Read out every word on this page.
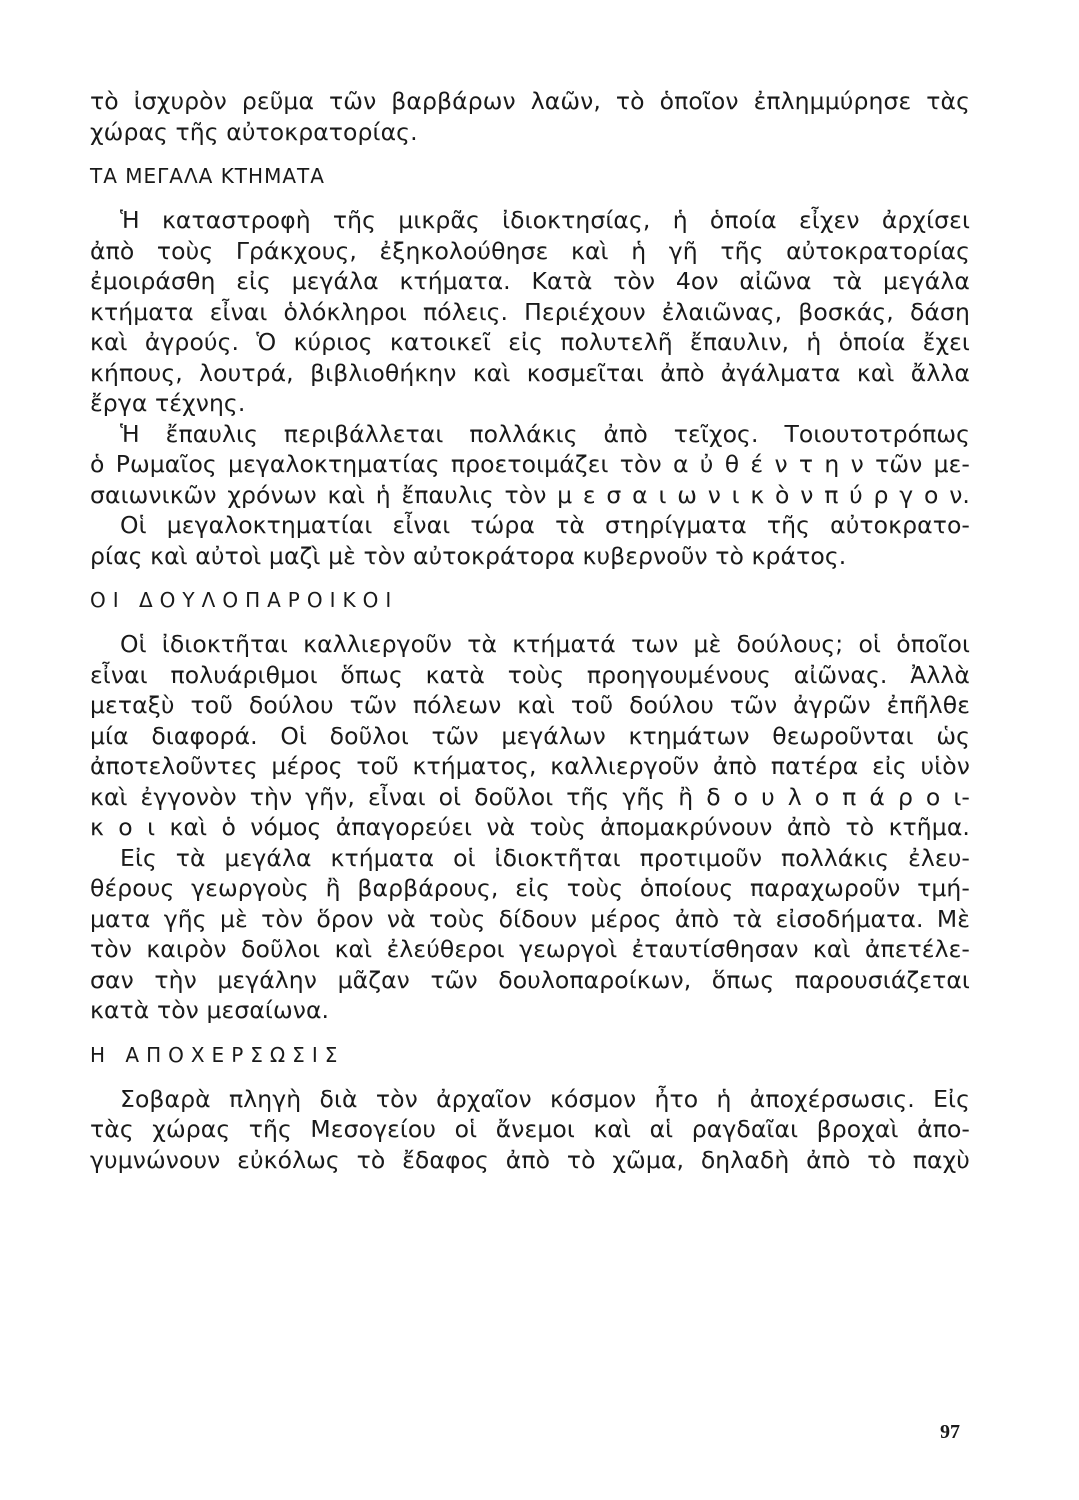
τὸ ἰσχυρὸν ρεῦμα τῶν βαρβάρων λαῶν, τὸ ὁποῖον ἐπλημμύρησε τὰς
χώρας τῆς αὐτοκρατορίας.
ΤΑ ΜΕΓΑΛΑ ΚΤΗΜΑΤΑ
Ἡ καταστροφὴ τῆς μικρᾶς ἰδιοκτησίας, ἡ ὁποία εἶχεν ἀρχίσει
ἀπὸ τοὺς Γράκχους, ἐξηκολούθησε καὶ ἡ γῆ τῆς αὐτοκρατορίας
ἐμοιράσθη εἰς μεγάλα κτήματα. Κατὰ τὸν 4ον αἰῶνα τὰ μεγάλα
κτήματα εἶναι ὁλόκληροι πόλεις. Περιέχουν ἐλαιῶνας, βοσκάς, δάση
καὶ ἀγρούς. Ὁ κύριος κατοικεῖ εἰς πολυτελῆ ἔπαυλιν, ἡ ὁποία ἔχει
κήπους, λουτρά, βιβλιοθήκην καὶ κοσμεῖται ἀπὸ ἀγάλματα καὶ ἄλλα
ἔργα τέχνης.
Ἡ ἔπαυλις περιβάλλεται πολλάκις ἀπὸ τεῖχος. Τοιουτοτρόπως
ὁ Ρωμαῖος μεγαλοκτηματίας προετοιμάζει τὸν α ὐ θ έ ν τ η ν τῶν με-
σαιωνικῶν χρόνων καὶ ἡ ἔπαυλις τὸν μ ε σ α ι ω ν ι κ ὸ ν π ύ ρ γ ο ν.
Οἱ μεγαλοκτηματίαι εἶναι τώρα τὰ στηρίγματα τῆς αὐτοκρατο-
ρίας καὶ αὐτοὶ μαζὶ μὲ τὸν αὐτοκράτορα κυβερνοῦν τὸ κράτος.
ΟΙ ΔΟΥΛΟΠΑΡΟΙΚΟΙ
Οἱ ἰδιοκτῆται καλλιεργοῦν τὰ κτήματά των μὲ δούλους; οἱ ὁποῖοι
εἶναι πολυάριθμοι ὅπως κατὰ τοὺς προηγουμένους αἰῶνας. Ἀλλὰ
μεταξὺ τοῦ δούλου τῶν πόλεων καὶ τοῦ δούλου τῶν ἀγρῶν ἐπῆλθε
μία διαφορά. Οἱ δοῦλοι τῶν μεγάλων κτημάτων θεωροῦνται ὡς
ἀποτελοῦντες μέρος τοῦ κτήματος, καλλιεργοῦν ἀπὸ πατέρα εἰς υἱὸν
καὶ ἐγγονὸν τὴν γῆν, εἶναι οἱ δοῦλοι τῆς γῆς ἢ δ ο υ λ ο π ά ρ ο ι-
κ ο ι καὶ ὁ νόμος ἀπαγορεύει νὰ τοὺς ἀπομακρύνουν ἀπὸ τὸ κτῆμα.
Εἰς τὰ μεγάλα κτήματα οἱ ἰδιοκτῆται προτιμοῦν πολλάκις ἐλευ-
θέρους γεωργοὺς ἢ βαρβάρους, εἰς τοὺς ὁποίους παραχωροῦν τμή-
ματα γῆς μὲ τὸν ὅρον νὰ τοὺς δίδουν μέρος ἀπὸ τὰ εἰσοδήματα. Μὲ
τὸν καιρὸν δοῦλοι καὶ ἐλεύθεροι γεωργοὶ ἐταυτίσθησαν καὶ ἀπετέλε-
σαν τὴν μεγάλην μᾶζαν τῶν δουλοπαροίκων, ὅπως παρουσιάζεται
κατὰ τὸν μεσαίωνα.
Η ΑΠΟΧΕΡΣΩΣΙΣ
Σοβαρὰ πληγὴ διὰ τὸν ἀρχαῖον κόσμον ἦτο ἡ ἀποχέρσωσις. Εἰς
τὰς χώρας τῆς Μεσογείου οἱ ἄνεμοι καὶ αἱ ραγδαῖαι βροχαὶ ἀπο-
γυμνώνουν εὐκόλως τὸ ἔδαφος ἀπὸ τὸ χῶμα, δηλαδὴ ἀπὸ τὸ παχὺ
97
